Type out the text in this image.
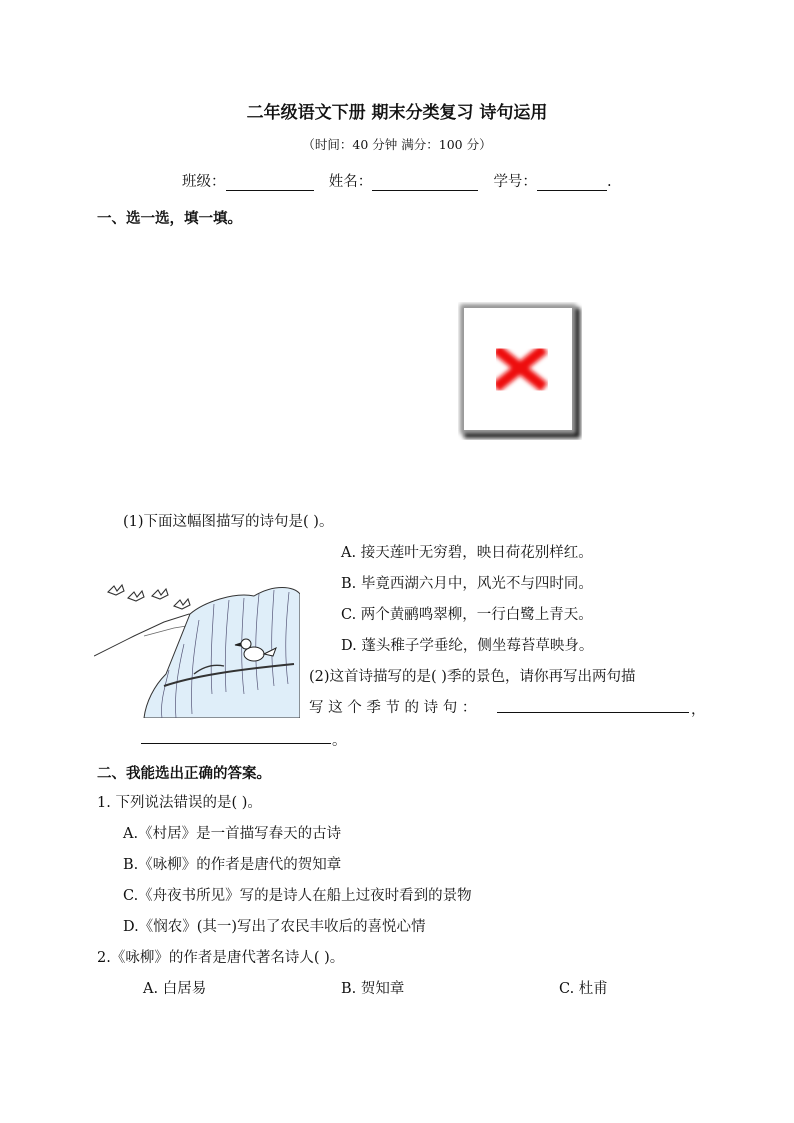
二年级语文下册 期末分类复习 诗句运用
（时间：40 分钟 满分：100 分）
班级：	姓名：	学号：	.
一、选一选，填一填。
(1)下面这幅图描写的诗句是( )。
A. 接天莲叶无穷碧，映日荷花别样红。
B. 毕竟西湖六月中，风光不与四时同。
C. 两个黄鹂鸣翠柳，一行白鹭上青天。
D. 蓬头稚子学垂纶，侧坐莓苔草映身。
(2)这首诗描写的是( )季的景色，请你再写出两句描
写 这 个 季 节 的 诗 句 ：	，
。
二、我能选出正确的答案。
1. 下列说法错误的是( )。
A.《村居》是一首描写春天的古诗
B.《咏柳》的作者是唐代的贺知章
C.《舟夜书所见》写的是诗人在船上过夜时看到的景物
D.《悯农》(其一)写出了农民丰收后的喜悦心情
2.《咏柳》的作者是唐代著名诗人( )。
A. 白居易	B. 贺知章	C. 杜甫
